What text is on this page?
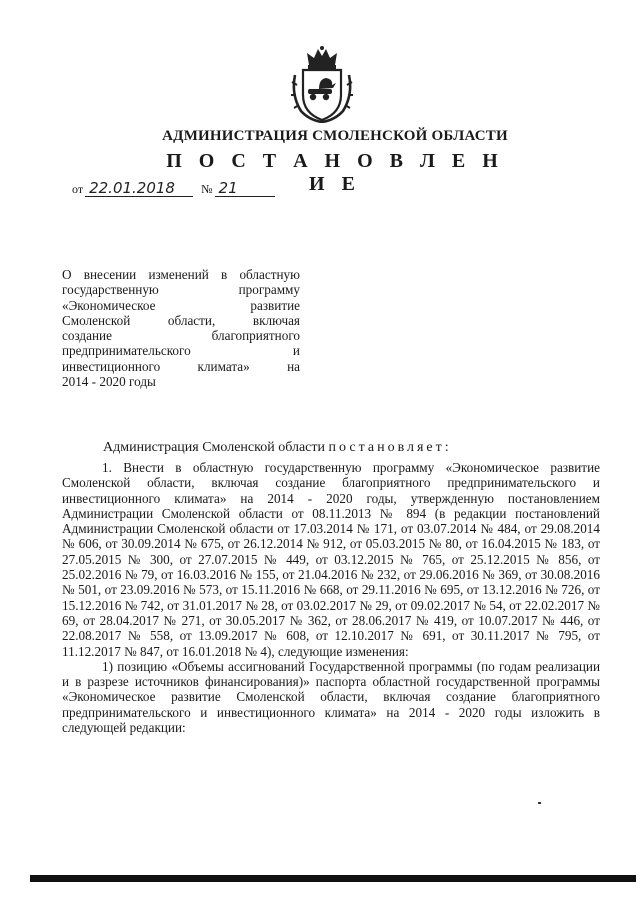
АДМИНИСТРАЦИЯ СМОЛЕНСКОЙ ОБЛАСТИ
П О С Т А Н О В Л Е Н И Е
от 22.01.2018	№ 21
О внесении изменений в областную
государственную программу
«Экономическое развитие
Смоленской области, включая
создание благоприятного
предпринимательского и
инвестиционного климата» на
2014 - 2020 годы
Администрация Смоленской области постановляет:

1. Внести в областную государственную программу «Экономическое развитие Смоленской области, включая создание благоприятного предпринимательского и инвестиционного климата» на 2014 - 2020 годы, утвержденную постановлением Администрации Смоленской области от 08.11.2013 № 894 (в редакции постановлений Администрации Смоленской области от 17.03.2014 № 171, от 03.07.2014 № 484, от 29.08.2014 № 606, от 30.09.2014 № 675, от 26.12.2014 № 912, от 05.03.2015 № 80, от 16.04.2015 № 183, от 27.05.2015 № 300, от 27.07.2015 № 449, от 03.12.2015 № 765, от 25.12.2015 № 856, от 25.02.2016 № 79, от 16.03.2016 № 155, от 21.04.2016 № 232, от 29.06.2016 № 369, от 30.08.2016 № 501, от 23.09.2016 № 573, от 15.11.2016 № 668, от 29.11.2016 № 695, от 13.12.2016 № 726, от 15.12.2016 № 742, от 31.01.2017 № 28, от 03.02.2017 № 29, от 09.02.2017 № 54, от 22.02.2017 № 69, от 28.04.2017 № 271, от 30.05.2017 № 362, от 28.06.2017 № 419, от 10.07.2017 № 446, от 22.08.2017 № 558, от 13.09.2017 № 608, от 12.10.2017 № 691, от 30.11.2017 № 795, от 11.12.2017 № 847, от 16.01.2018 № 4), следующие изменения:

1) позицию «Объемы ассигнований Государственной программы (по годам реализации и в разрезе источников финансирования)» паспорта областной государственной программы «Экономическое развитие Смоленской области, включая создание благоприятного предпринимательского и инвестиционного климата» на 2014 - 2020 годы изложить в следующей редакции:
